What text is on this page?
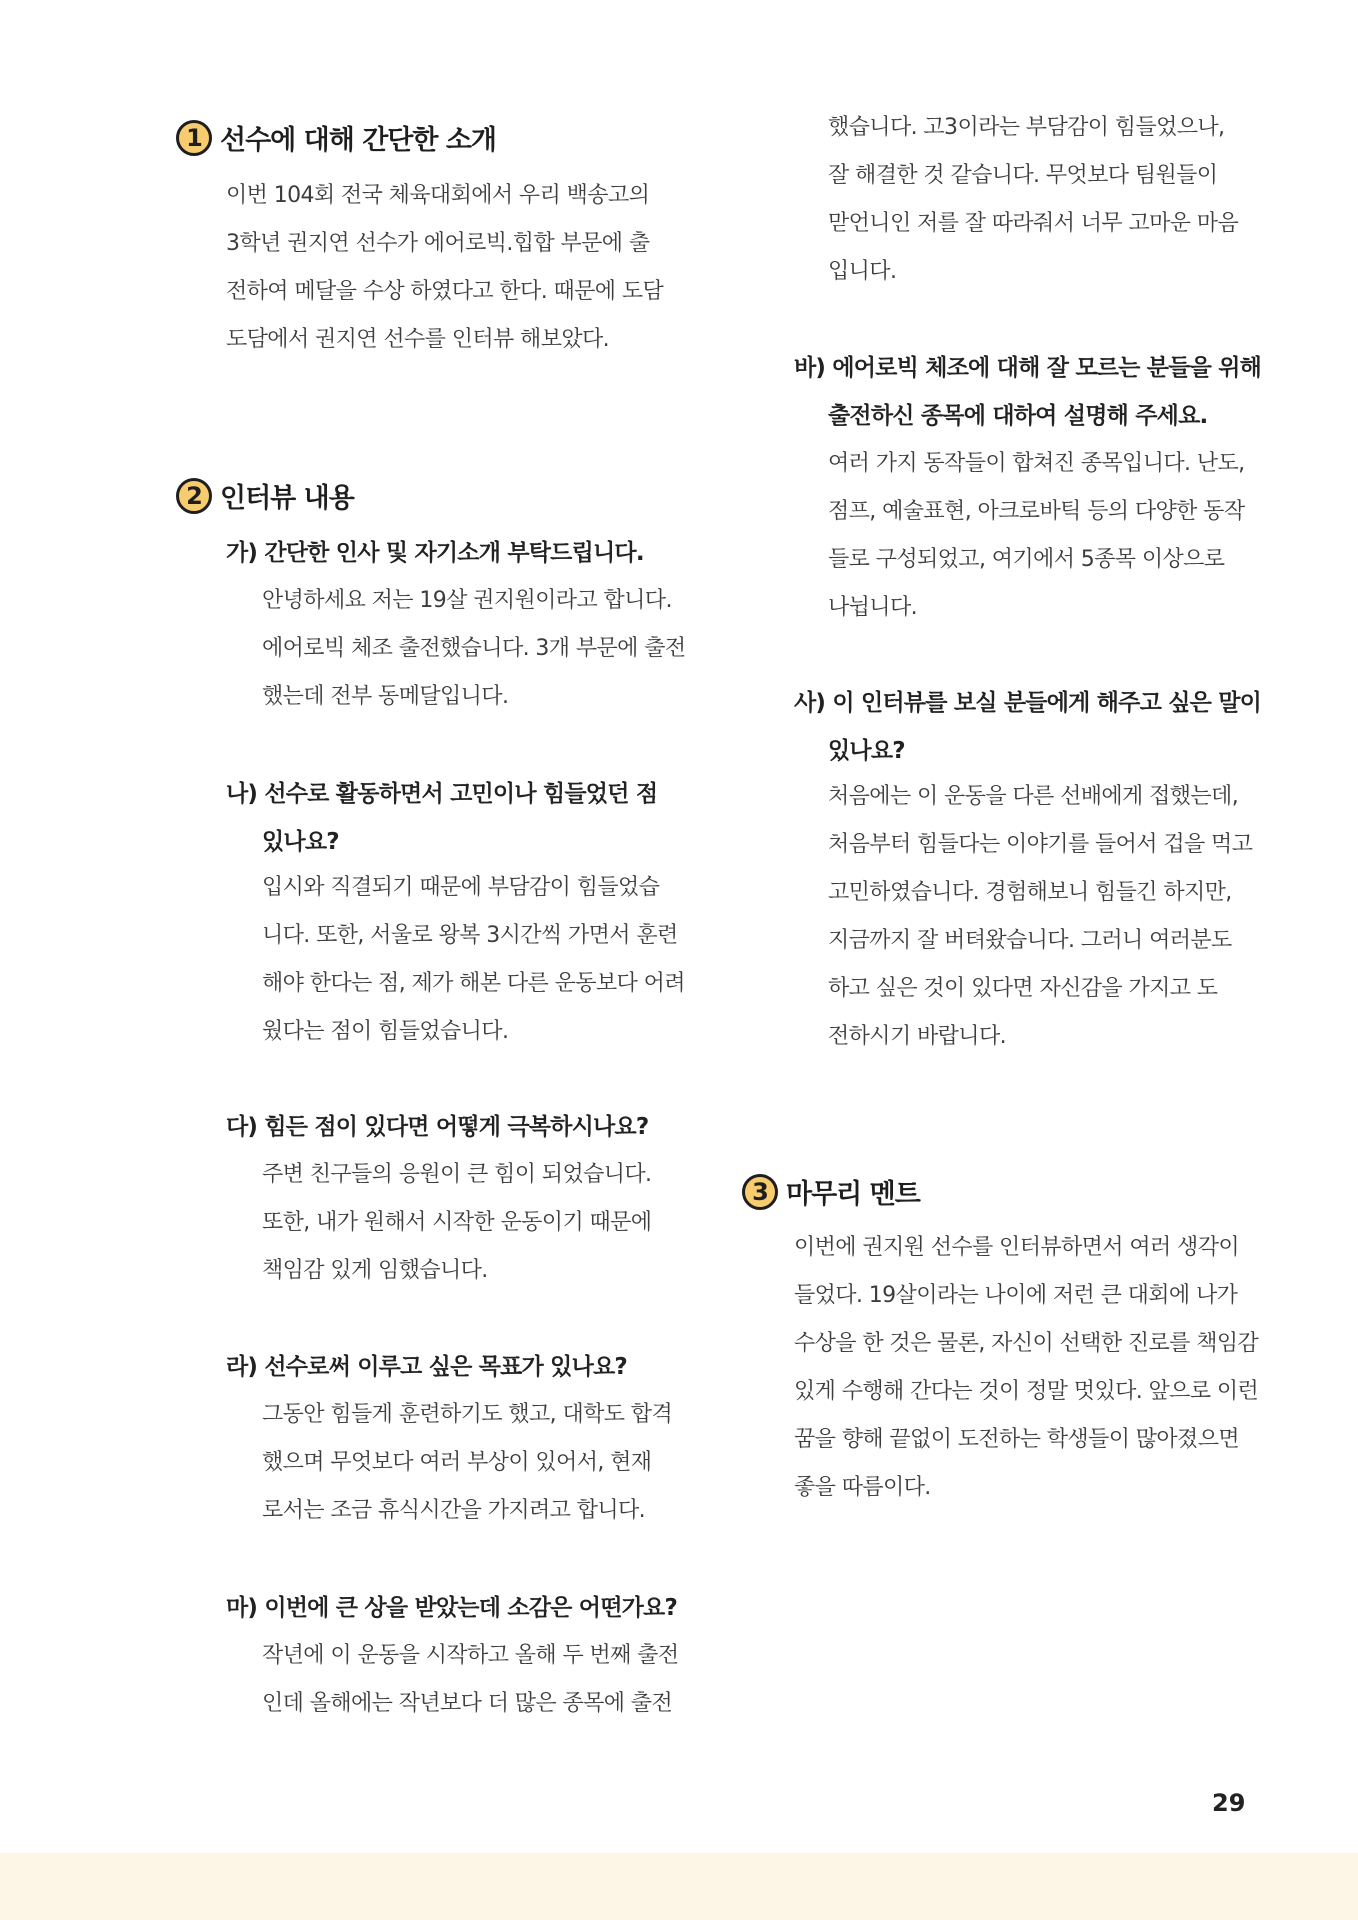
1 선수에 대해 간단한 소개

이번 104회 전국 체육대회에서 우리 백송고의
3학년 권지연 선수가 에어로빅.힙합 부문에 출
전하여 메달을 수상 하였다고 한다. 때문에 도담
도담에서 권지연 선수를 인터뷰 해보았다.

2 인터뷰 내용

가) 간단한 인사 및 자기소개 부탁드립니다.

안녕하세요 저는 19살 권지원이라고 합니다.
에어로빅 체조 출전했습니다. 3개 부문에 출전
했는데 전부 동메달입니다.

나) 선수로 활동하면서 고민이나 힘들었던 점
있나요?

입시와 직결되기 때문에 부담감이 힘들었습
니다. 또한, 서울로 왕복 3시간씩 가면서 훈련
해야 한다는 점, 제가 해본 다른 운동보다 어려
웠다는 점이 힘들었습니다.

다) 힘든 점이 있다면 어떻게 극복하시나요?

주변 친구들의 응원이 큰 힘이 되었습니다.
또한, 내가 원해서 시작한 운동이기 때문에
책임감 있게 임했습니다.

라) 선수로써 이루고 싶은 목표가 있나요?

그동안 힘들게 훈련하기도 했고, 대학도 합격
했으며 무엇보다 여러 부상이 있어서, 현재
로서는 조금 휴식시간을 가지려고 합니다.

마) 이번에 큰 상을 받았는데 소감은 어떤가요?

작년에 이 운동을 시작하고 올해 두 번째 출전
인데 올해에는 작년보다 더 많은 종목에 출전

했습니다. 고3이라는 부담감이 힘들었으나,
잘 해결한 것 같습니다. 무엇보다 팀원들이
맏언니인 저를 잘 따라줘서 너무 고마운 마음
입니다.

바) 에어로빅 체조에 대해 잘 모르는 분들을 위해
출전하신 종목에 대하여 설명해 주세요.

여러 가지 동작들이 합쳐진 종목입니다. 난도,
점프, 예술표현, 아크로바틱 등의 다양한 동작
들로 구성되었고, 여기에서 5종목 이상으로
나뉩니다.

사) 이 인터뷰를 보실 분들에게 해주고 싶은 말이
있나요?

처음에는 이 운동을 다른 선배에게 접했는데,
처음부터 힘들다는 이야기를 들어서 겁을 먹고
고민하였습니다. 경험해보니 힘들긴 하지만,
지금까지 잘 버텨왔습니다. 그러니 여러분도
하고 싶은 것이 있다면 자신감을 가지고 도
전하시기 바랍니다.

3 마무리 멘트

이번에 권지원 선수를 인터뷰하면서 여러 생각이
들었다. 19살이라는 나이에 저런 큰 대회에 나가
수상을 한 것은 물론, 자신이 선택한 진로를 책임감
있게 수행해 간다는 것이 정말 멋있다. 앞으로 이런
꿈을 향해 끝없이 도전하는 학생들이 많아졌으면
좋을 따름이다.

29
